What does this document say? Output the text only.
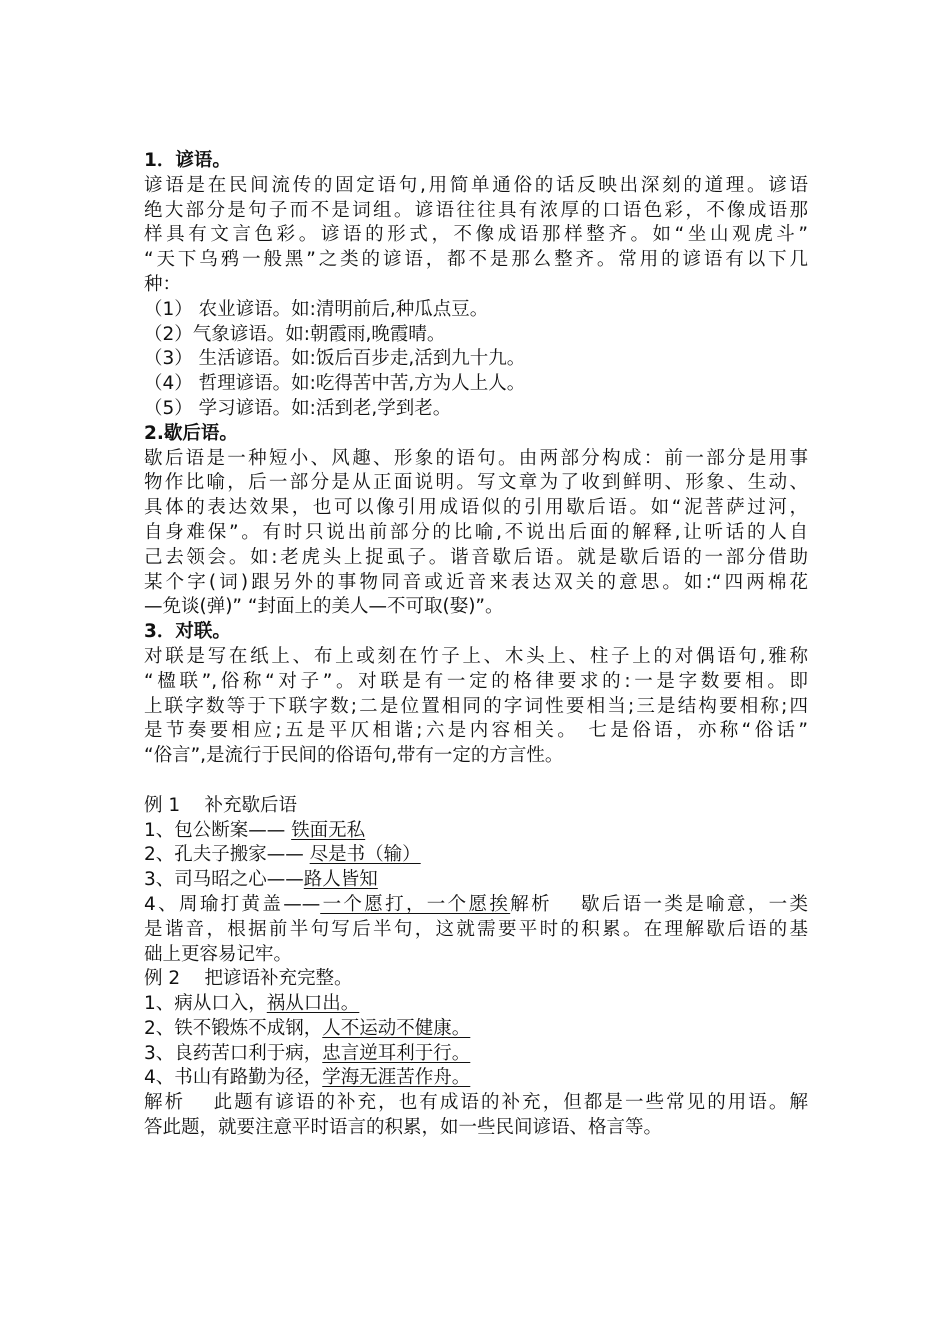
1．谚语。
谚语是在民间流传的固定语句,用简单通俗的话反映出深刻的道理。谚语
绝大部分是句子而不是词组。谚语往往具有浓厚的口语色彩，不像成语那
样具有文言色彩。谚语的形式，不像成语那样整齐。如“坐山观虎斗”
“天下乌鸦一般黑”之类的谚语，都不是那么整齐。常用的谚语有以下几
种：
（1） 农业谚语。如:清明前后,种瓜点豆。
（2）气象谚语。如:朝霞雨,晚霞晴。
（3） 生活谚语。如:饭后百步走,活到九十九。
（4） 哲理谚语。如:吃得苦中苦,方为人上人。
（5） 学习谚语。如:活到老,学到老。
2.歇后语。
歇后语是一种短小、风趣、形象的语句。由两部分构成：前一部分是用事
物作比喻，后一部分是从正面说明。写文章为了收到鲜明、形象、生动、
具体的表达效果，也可以像引用成语似的引用歇后语。如“泥菩萨过河，
自身难保”。有时只说出前部分的比喻,不说出后面的解释,让听话的人自
己去领会。如:老虎头上捉虱子。谐音歇后语。就是歇后语的一部分借助
某个字(词)跟另外的事物同音或近音来表达双关的意思。如:“四两棉花
—免谈(弹)” “封面上的美人—不可取(娶)”。
3．对联。
对联是写在纸上、布上或刻在竹子上、木头上、柱子上的对偶语句,雅称
“楹联”,俗称“对子”。对联是有一定的格律要求的:一是字数要相。即
上联字数等于下联字数;二是位置相同的字词性要相当;三是结构要相称;四
是节奏要相应;五是平仄相谐;六是内容相关。 七是俗语，亦称“俗话”
“俗言”,是流行于民间的俗语句,带有一定的方言性。
例 1　 补充歇后语
1、包公断案—— 铁面无私
2、孔夫子搬家—— 尽是书（输）
3、司马昭之心——路人皆知
4、周瑜打黄盖——一个愿打，一个愿挨解析　 歇后语一类是喻意，一类
是谐音，根据前半句写后半句，这就需要平时的积累。在理解歇后语的基
础上更容易记牢。
例 2　 把谚语补充完整。
1、病从口入，祸从口出。
2、铁不锻炼不成钢，人不运动不健康。
3、良药苦口利于病，忠言逆耳利于行。
4、书山有路勤为径，学海无涯苦作舟。
解析　 此题有谚语的补充，也有成语的补充，但都是一些常见的用语。解
答此题，就要注意平时语言的积累，如一些民间谚语、格言等。
